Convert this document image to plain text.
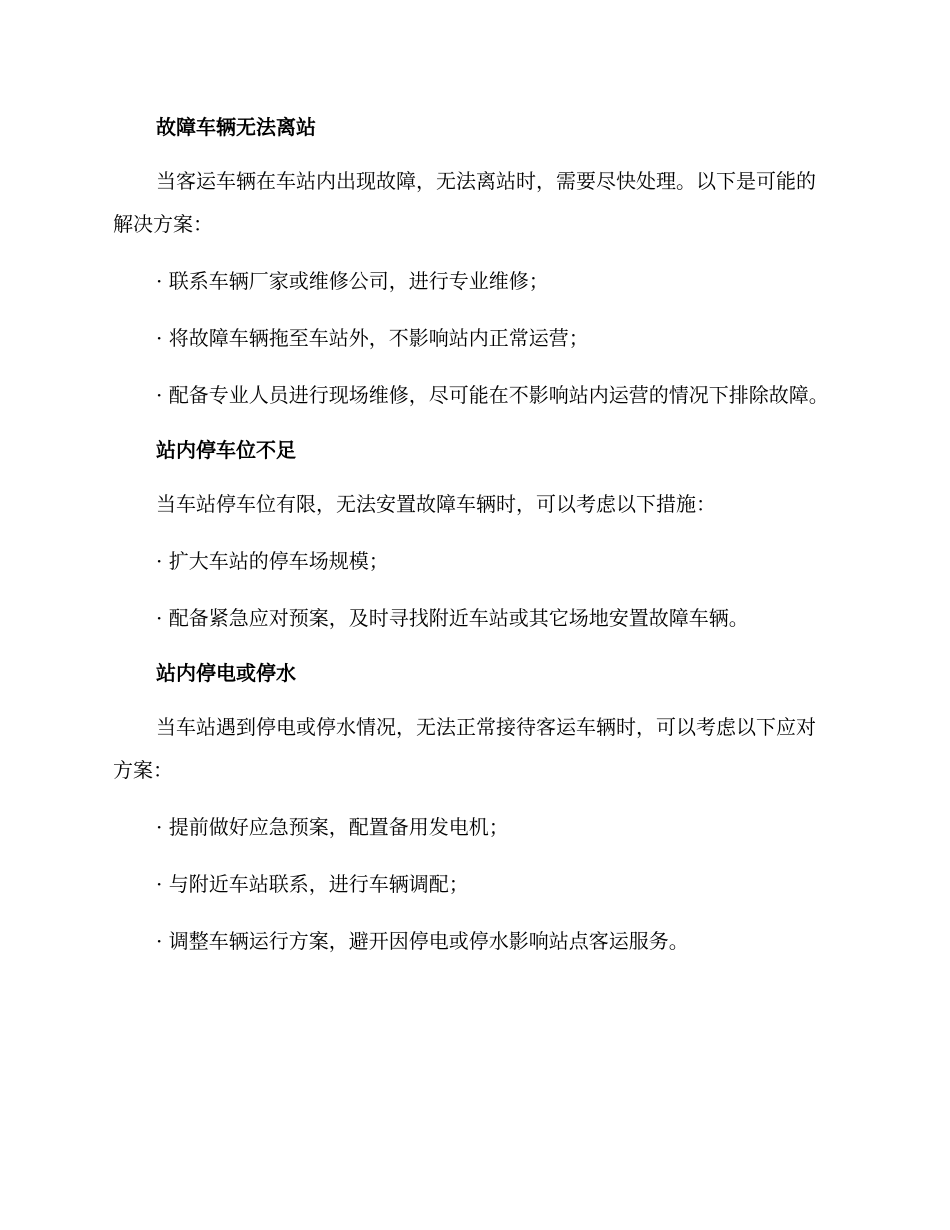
故障车辆无法离站

当客运车辆在车站内出现故障，无法离站时，需要尽快处理。以下是可能的解决方案：

· 联系车辆厂家或维修公司，进行专业维修；

· 将故障车辆拖至车站外，不影响站内正常运营；

· 配备专业人员进行现场维修，尽可能在不影响站内运营的情况下排除故障。

站内停车位不足

当车站停车位有限，无法安置故障车辆时，可以考虑以下措施：

· 扩大车站的停车场规模；

· 配备紧急应对预案，及时寻找附近车站或其它场地安置故障车辆。

站内停电或停水

当车站遇到停电或停水情况，无法正常接待客运车辆时，可以考虑以下应对方案：

· 提前做好应急预案，配置备用发电机；

· 与附近车站联系，进行车辆调配；

· 调整车辆运行方案，避开因停电或停水影响站点客运服务。
